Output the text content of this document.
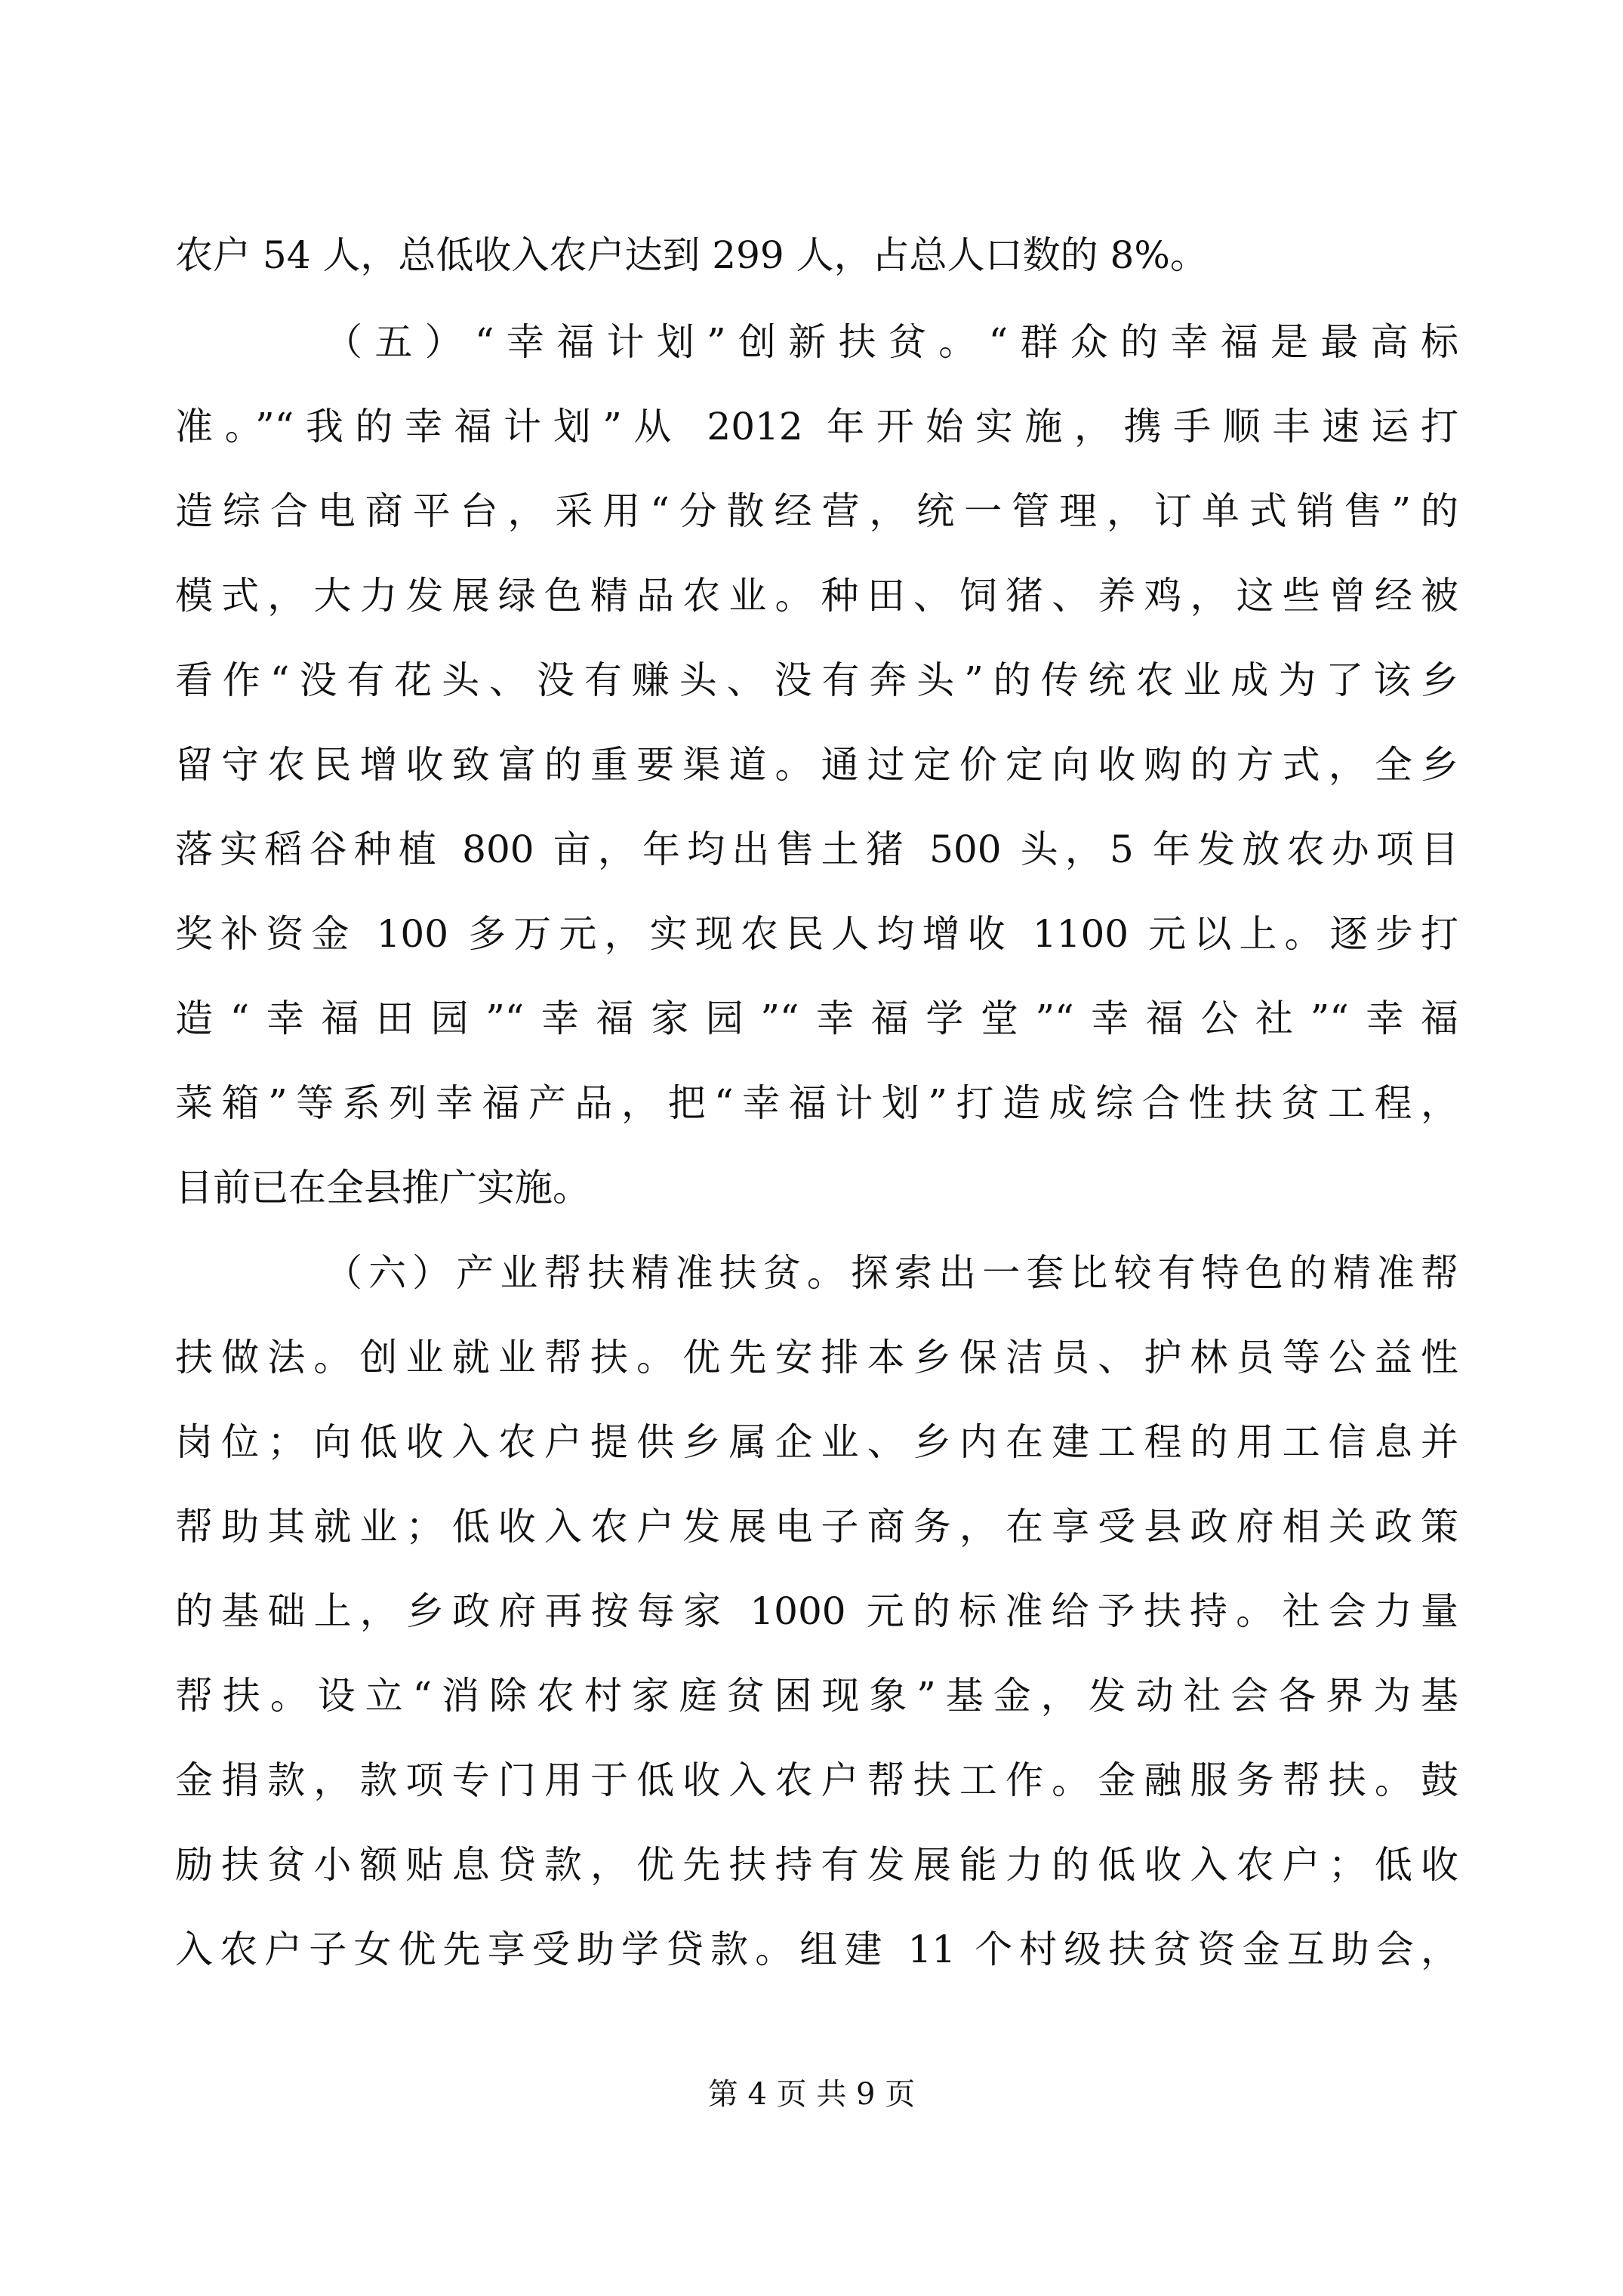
农户 54 人，总低收入农户达到 299 人，占总人口数的 8%。
（五）“幸福计划”创新扶贫。“群众的幸福是最高标
准。”“我的幸福计划”从 2012 年开始实施，携手顺丰速运打
造综合电商平台，采用“分散经营，统一管理，订单式销售”的
模式，大力发展绿色精品农业。种田、饲猪、养鸡，这些曾经被
看作“没有花头、没有赚头、没有奔头”的传统农业成为了该乡
留守农民增收致富的重要渠道。通过定价定向收购的方式，全乡
落实稻谷种植 800 亩，年均出售土猪 500 头，5 年发放农办项目
奖补资金 100 多万元，实现农民人均增收 1100 元以上。逐步打
造“幸福田园”“幸福家园”“幸福学堂”“幸福公社”“幸福
菜箱”等系列幸福产品，把“幸福计划”打造成综合性扶贫工程，
目前已在全县推广实施。
（六）产业帮扶精准扶贫。探索出一套比较有特色的精准帮
扶做法。创业就业帮扶。优先安排本乡保洁员、护林员等公益性
岗位；向低收入农户提供乡属企业、乡内在建工程的用工信息并
帮助其就业；低收入农户发展电子商务，在享受县政府相关政策
的基础上，乡政府再按每家 1000 元的标准给予扶持。社会力量
帮扶。设立“消除农村家庭贫困现象”基金，发动社会各界为基
金捐款，款项专门用于低收入农户帮扶工作。金融服务帮扶。鼓
励扶贫小额贴息贷款，优先扶持有发展能力的低收入农户；低收
入农户子女优先享受助学贷款。组建 11 个村级扶贫资金互助会，
第 4 页 共 9 页
